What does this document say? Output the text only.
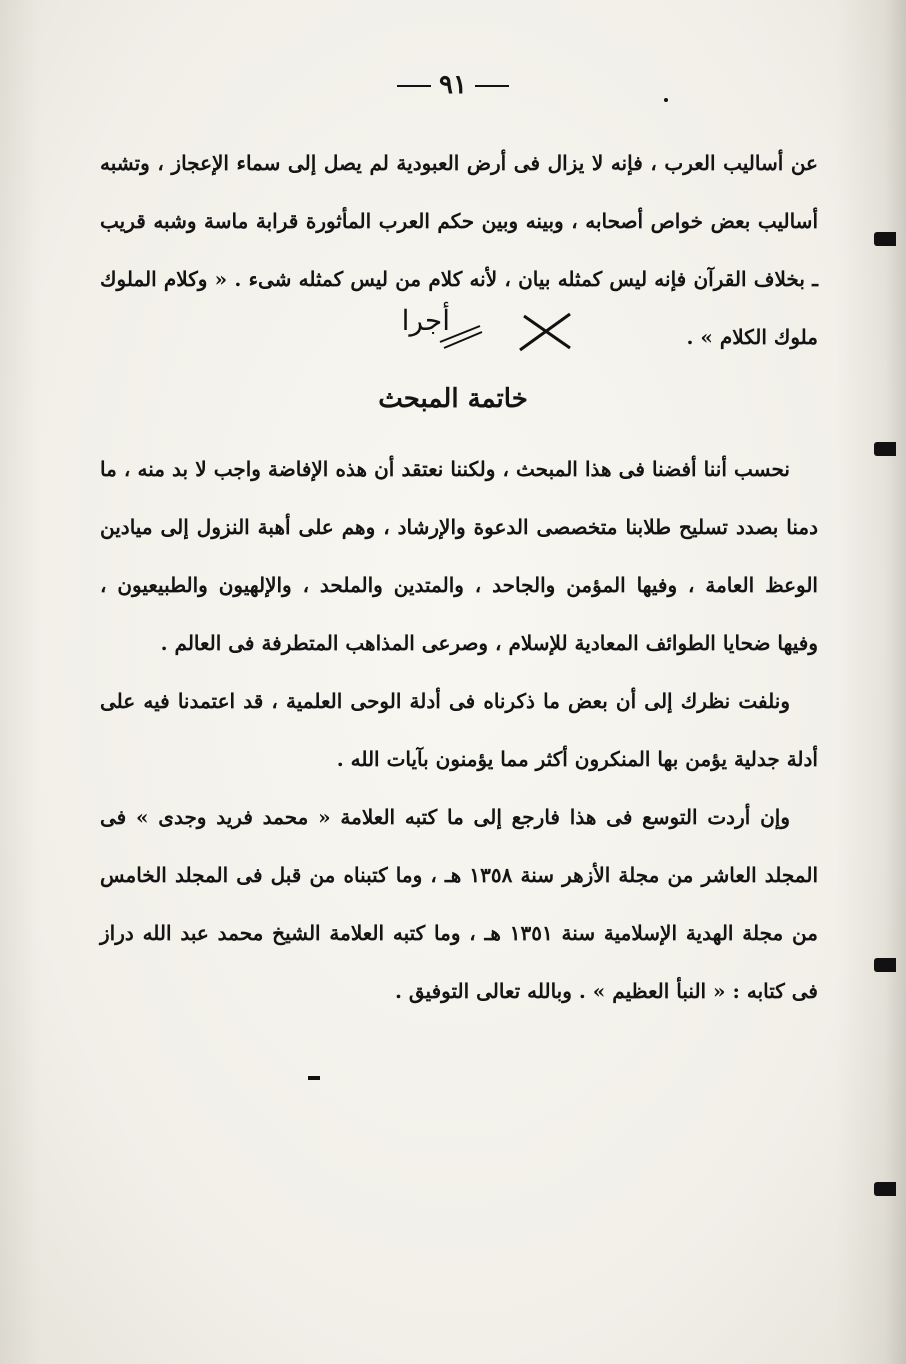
٩١

عن أساليب العرب ، فإنه لا يزال فى أرض العبودية لم يصل إلى سماء الإعجاز ، وتشبه أساليب بعض خواص أصحابه ، وبينه وبين حكم العرب المأثورة قرابة ماسة وشبه قريب ـ بخلاف القرآن فإنه ليس كمثله بيان ، لأنه كلام من ليس كمثله شىء . « وكلام الملوك ملوك الكلام » .

أجرا
خاتمة المبحث

نحسب أننا أفضنا فى هذا المبحث ، ولكننا نعتقد أن هذه الإفاضة واجب لا بد منه ، ما دمنا بصدد تسليح طلابنا متخصصى الدعوة والإرشاد ، وهم على أهبة النزول إلى ميادين الوعظ العامة ، وفيها المؤمن والجاحد ، والمتدين والملحد ، والإلهيون والطبيعيون ، وفيها ضحايا الطوائف المعادية للإسلام ، وصرعى المذاهب المتطرفة فى العالم .

ونلفت نظرك إلى أن بعض ما ذكرناه فى أدلة الوحى العلمية ، قد اعتمدنا فيه على أدلة جدلية يؤمن بها المنكرون أكثر مما يؤمنون بآيات الله .

وإن أردت التوسع فى هذا فارجع إلى ما كتبه العلامة « محمد فريد وجدى » فى المجلد العاشر من مجلة الأزهر سنة ١٣٥٨ هـ ، وما كتبناه من قبل فى المجلد الخامس من مجلة الهدية الإسلامية سنة ١٣٥١ هـ ، وما كتبه العلامة الشيخ محمد عبد الله دراز فى كتابه : « النبأ العظيم » . وبالله تعالى التوفيق .
